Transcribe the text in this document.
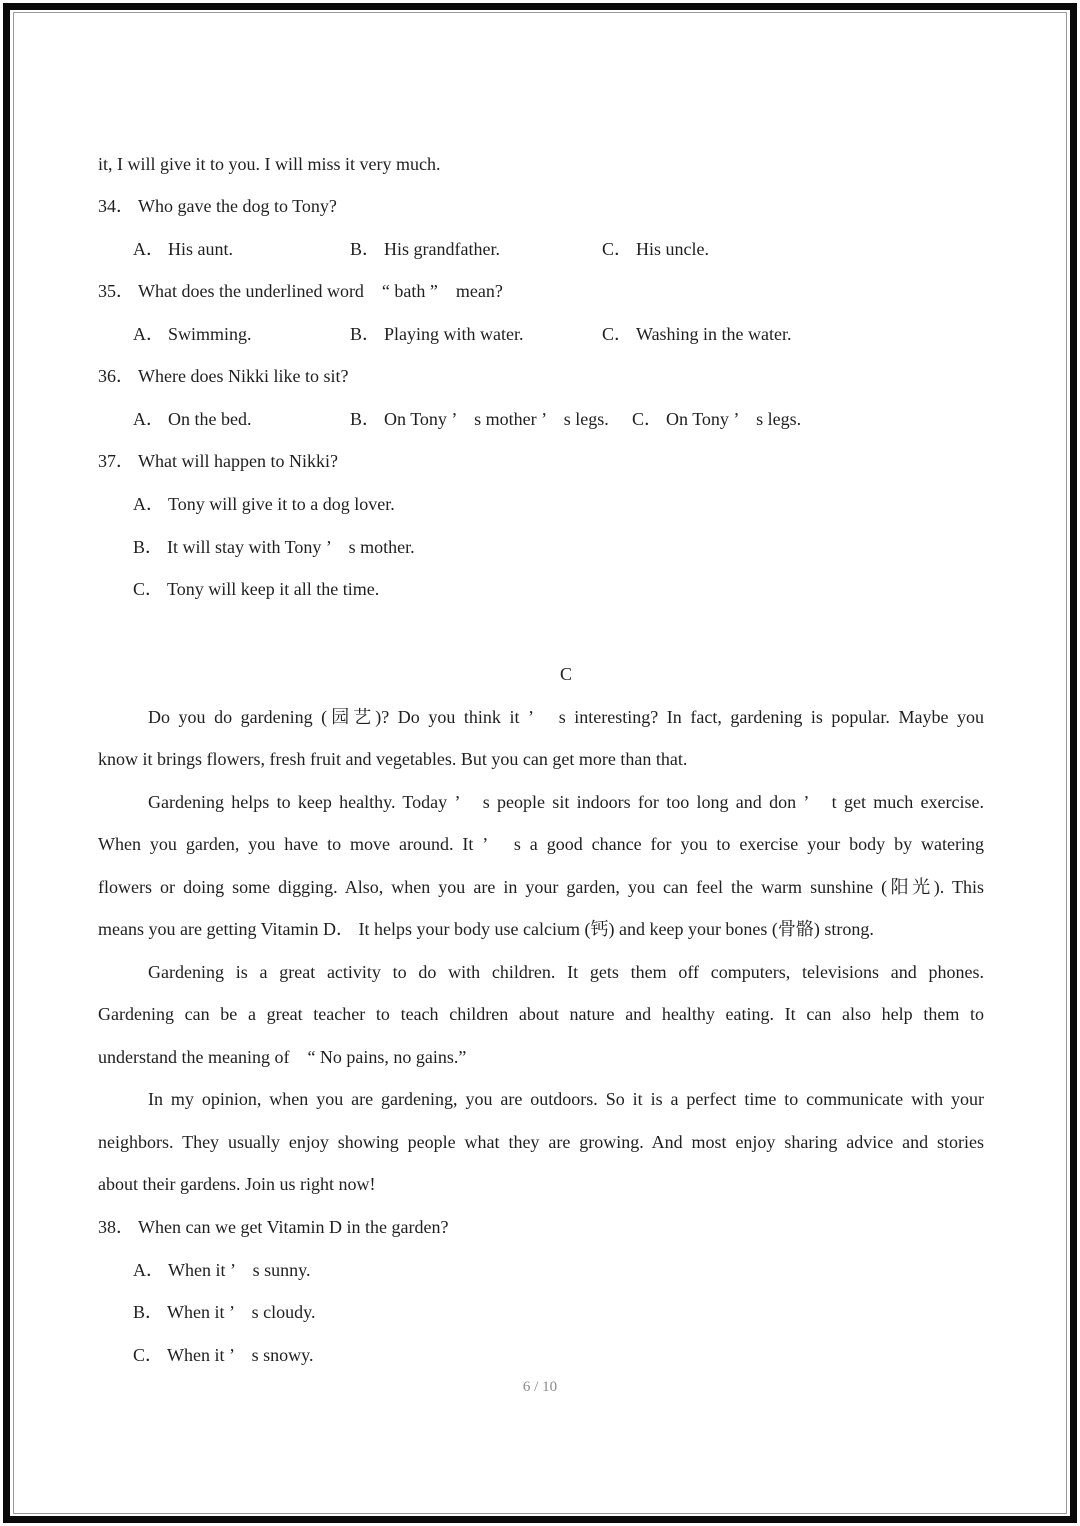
it, I will give it to you. I will miss it very much.
34． Who gave the dog to Tony?
A． His aunt.	B． His grandfather.	C． His uncle.
35． What does the underlined word　“ bath ”　mean?
A． Swimming.	B． Playing with water.	C． Washing in the water.
36． Where does Nikki like to sit?
A． On the bed.	B． On Tony ’　s mother ’　s legs. C． On Tony ’　s legs.
37． What will happen to Nikki?
A． Tony will give it to a dog lover.
B． It will stay with Tony ’　s mother.
C． Tony will keep it all the time.
C
Do you do gardening (园艺)? Do you think it ’　s interesting? In fact, gardening is popular. Maybe you
know it brings flowers, fresh fruit and vegetables. But you can get more than that.
Gardening helps to keep healthy. Today ’　s people sit indoors for too long and don ’　t get much exercise.
When you garden, you have to move around. It ’　s a good chance for you to exercise your body by watering
flowers or doing some digging. Also, when you are in your garden, you can feel the warm sunshine (阳光). This
means you are getting Vitamin D． It helps your body use calcium (钙) and keep your bones (骨骼) strong.
Gardening is a great activity to do with children. It gets them off computers, televisions and phones.
Gardening can be a great teacher to teach children about nature and healthy eating. It can also help them to
understand the meaning of　“ No pains, no gains.”
In my opinion, when you are gardening, you are outdoors. So it is a perfect time to communicate with your
neighbors. They usually enjoy showing people what they are growing. And most enjoy sharing advice and stories
about their gardens. Join us right now!
38． When can we get Vitamin D in the garden?
A． When it ’　s sunny.
B． When it ’　s cloudy.
C． When it ’　s snowy.
6 / 10
